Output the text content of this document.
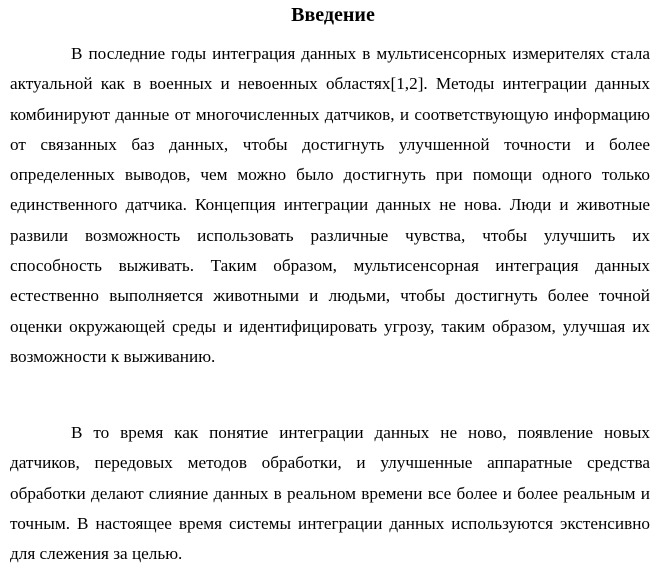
Введение

В последние годы интеграция данных в мультисенсорных измерителях стала актуальной как в военных и невоенных областях[1,2]. Методы интеграции данных комбинируют данные от многочисленных датчиков, и соответствующую информацию от связанных баз данных, чтобы достигнуть улучшенной точности и более определенных выводов, чем можно было достигнуть при помощи одного только единственного датчика. Концепция интеграции данных не нова. Люди и животные развили возможность использовать различные чувства, чтобы улучшить их способность выживать. Таким образом, мультисенсорная интеграция данных естественно выполняется животными и людьми, чтобы достигнуть более точной оценки окружающей среды и идентифицировать угрозу, таким образом, улучшая их возможности к выживанию.

В то время как понятие интеграции данных не ново, появление новых датчиков, передовых методов обработки, и улучшенные аппаратные средства обработки делают слияние данных в реальном времени все более и более реальным и точным. В настоящее время системы интеграции данных используются экстенсивно для слежения за целью.
